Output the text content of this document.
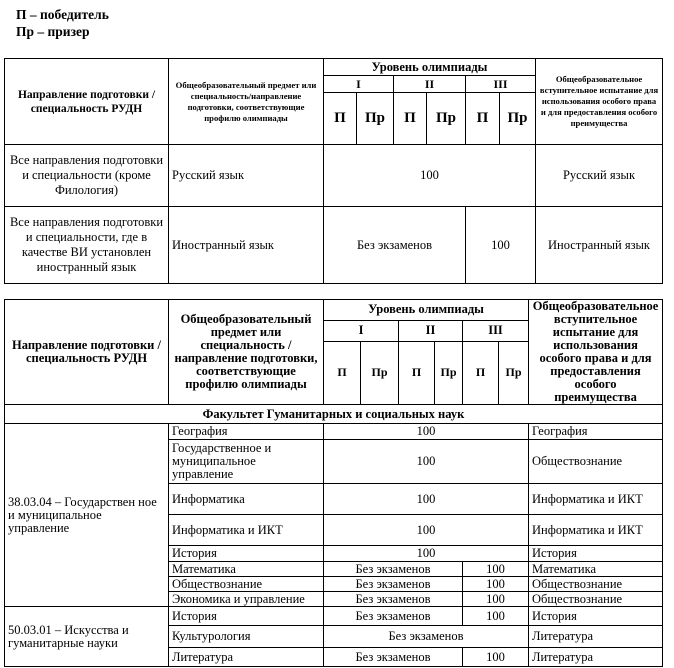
П – победитель
Пр – призер
Направление подготовки / специальность РУДН	Общеобразовательный предмет или специальность/направление подготовки, соответствующие профилю олимпиады	Уровень олимпиады						Общеобразовательное вступительное испытание для использования особого права и для предоставления особого преимущества
		I		II		III		
		П	Пр	П	Пр	П	Пр	
Все направления подготовки и специальности (кроме Филология)	Русский язык	100						Русский язык
Все направления подготовки и специальности, где в качестве ВИ установлен иностранный язык	Иностранный язык	Без экзаменов				100		Иностранный язык
Направление подготовки / специальность РУДН	Общеобразовательный предмет или специальность / направление подготовки, соответствующие профилю олимпиады	Уровень олимпиады						Общеобразовательное вступительное испытание для использования особого права и для предоставления особого преимущества
		I		II		III		
		П	Пр	П	Пр	П	Пр	
Факультет Гуманитарных и социальных наук								
38.03.04 – Государствен ное и муниципальное управление	География	100						География
	Государственное и муниципальное управление	100						Обществознание
	Информатика	100						Информатика и ИКТ
	Информатика и ИКТ	100						Информатика и ИКТ
	История	100						История
	Математика	Без экзаменов				100		Математика
	Обществознание	Без экзаменов				100		Обществознание
	Экономика и управление	Без экзаменов				100		Обществознание
50.03.01 – Искусства и гуманитарные науки	История	Без экзаменов				100		История
	Культурология	Без экзаменов						Литература
	Литература	Без экзаменов				100		Литература
